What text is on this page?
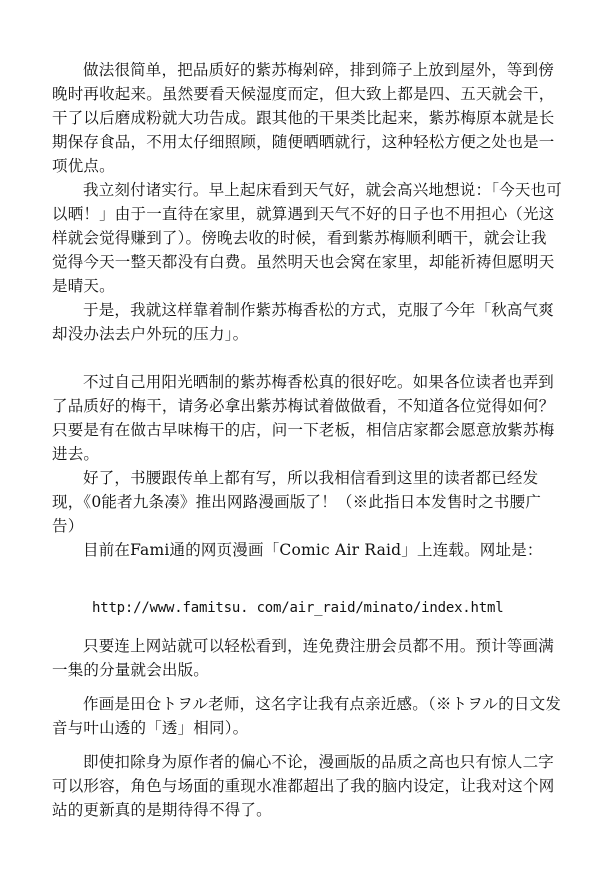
做法很简单，把品质好的紫苏梅剁碎，排到筛子上放到屋外，等到傍晚时再收起来。虽然要看天候湿度而定，但大致上都是四、五天就会干，干了以后磨成粉就大功告成。跟其他的干果类比起来，紫苏梅原本就是长期保存食品，不用太仔细照顾，随便晒晒就行，这种轻松方便之处也是一项优点。

我立刻付诸实行。早上起床看到天气好，就会高兴地想说：「今天也可以晒！」由于一直待在家里，就算遇到天气不好的日子也不用担心（光这样就会觉得赚到了）。傍晚去收的时候，看到紫苏梅顺利晒干，就会让我觉得今天一整天都没有白费。虽然明天也会窝在家里，却能祈祷但愿明天是晴天。

于是，我就这样靠着制作紫苏梅香松的方式，克服了今年「秋高气爽却没办法去户外玩的压力」。

不过自己用阳光晒制的紫苏梅香松真的很好吃。如果各位读者也弄到了品质好的梅干，请务必拿出紫苏梅试着做做看，不知道各位觉得如何？只要是有在做古早味梅干的店，问一下老板，相信店家都会愿意放紫苏梅进去。

好了，书腰跟传单上都有写，所以我相信看到这里的读者都已经发现，《0能者九条凑》推出网路漫画版了！（※此指日本发售时之书腰广告）

目前在Fami通的网页漫画「Comic Air Raid」上连载。网址是：

http://www.famitsu. com/air_raid/minato/index.html

只要连上网站就可以轻松看到，连免费注册会员都不用。预计等画满一集的分量就会出版。

作画是田仓トヲル老师，这名字让我有点亲近感。（※トヲル的日文发音与叶山透的「透」相同）。

即使扣除身为原作者的偏心不论，漫画版的品质之高也只有惊人二字可以形容，角色与场面的重现水准都超出了我的脑内设定，让我对这个网站的更新真的是期待得不得了。
